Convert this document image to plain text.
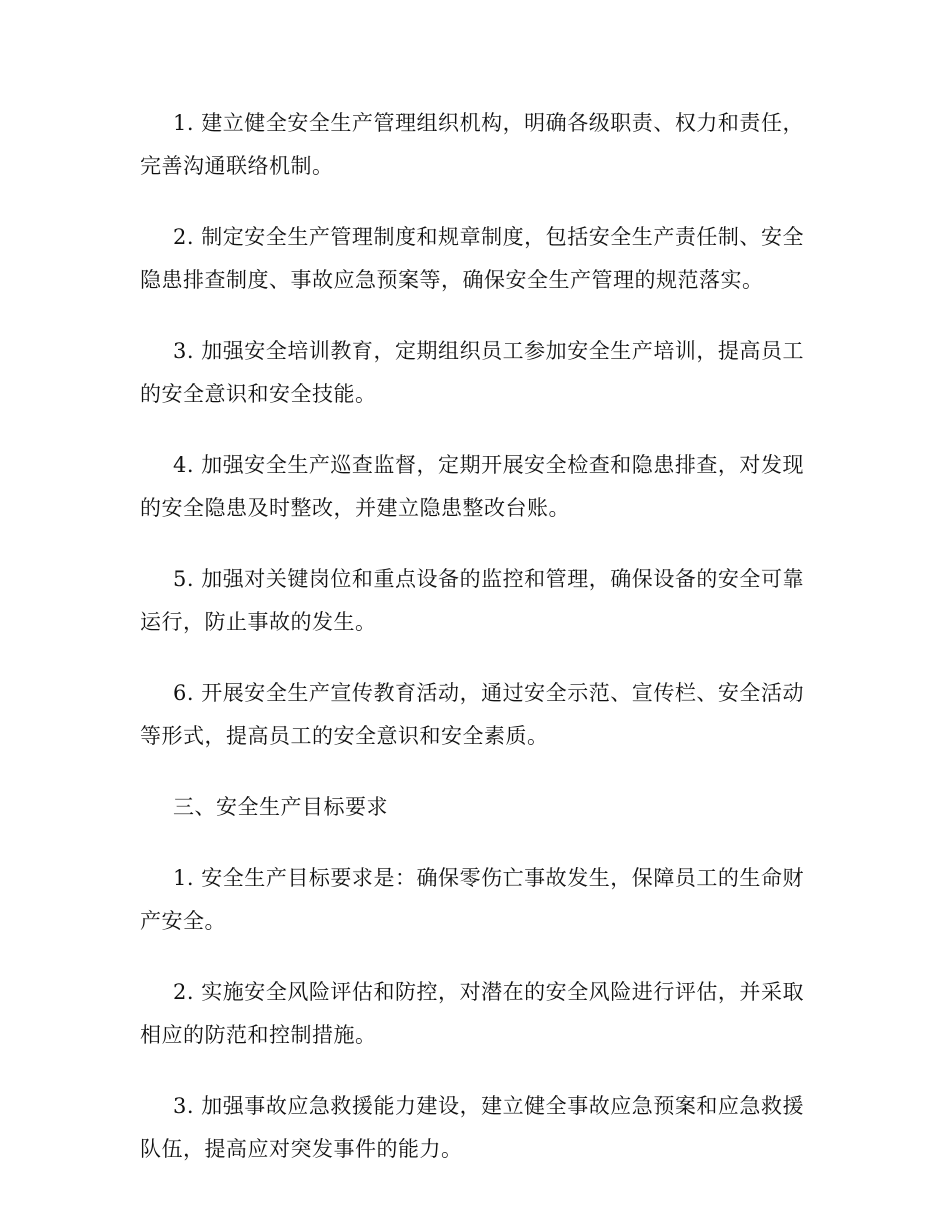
1. 建立健全安全生产管理组织机构，明确各级职责、权力和责任，完善沟通联络机制。

2. 制定安全生产管理制度和规章制度，包括安全生产责任制、安全隐患排查制度、事故应急预案等，确保安全生产管理的规范落实。

3. 加强安全培训教育，定期组织员工参加安全生产培训，提高员工的安全意识和安全技能。

4. 加强安全生产巡查监督，定期开展安全检查和隐患排查，对发现的安全隐患及时整改，并建立隐患整改台账。

5. 加强对关键岗位和重点设备的监控和管理，确保设备的安全可靠运行，防止事故的发生。

6. 开展安全生产宣传教育活动，通过安全示范、宣传栏、安全活动等形式，提高员工的安全意识和安全素质。

三、安全生产目标要求

1. 安全生产目标要求是：确保零伤亡事故发生，保障员工的生命财产安全。

2. 实施安全风险评估和防控，对潜在的安全风险进行评估，并采取相应的防范和控制措施。

3. 加强事故应急救援能力建设，建立健全事故应急预案和应急救援队伍，提高应对突发事件的能力。
